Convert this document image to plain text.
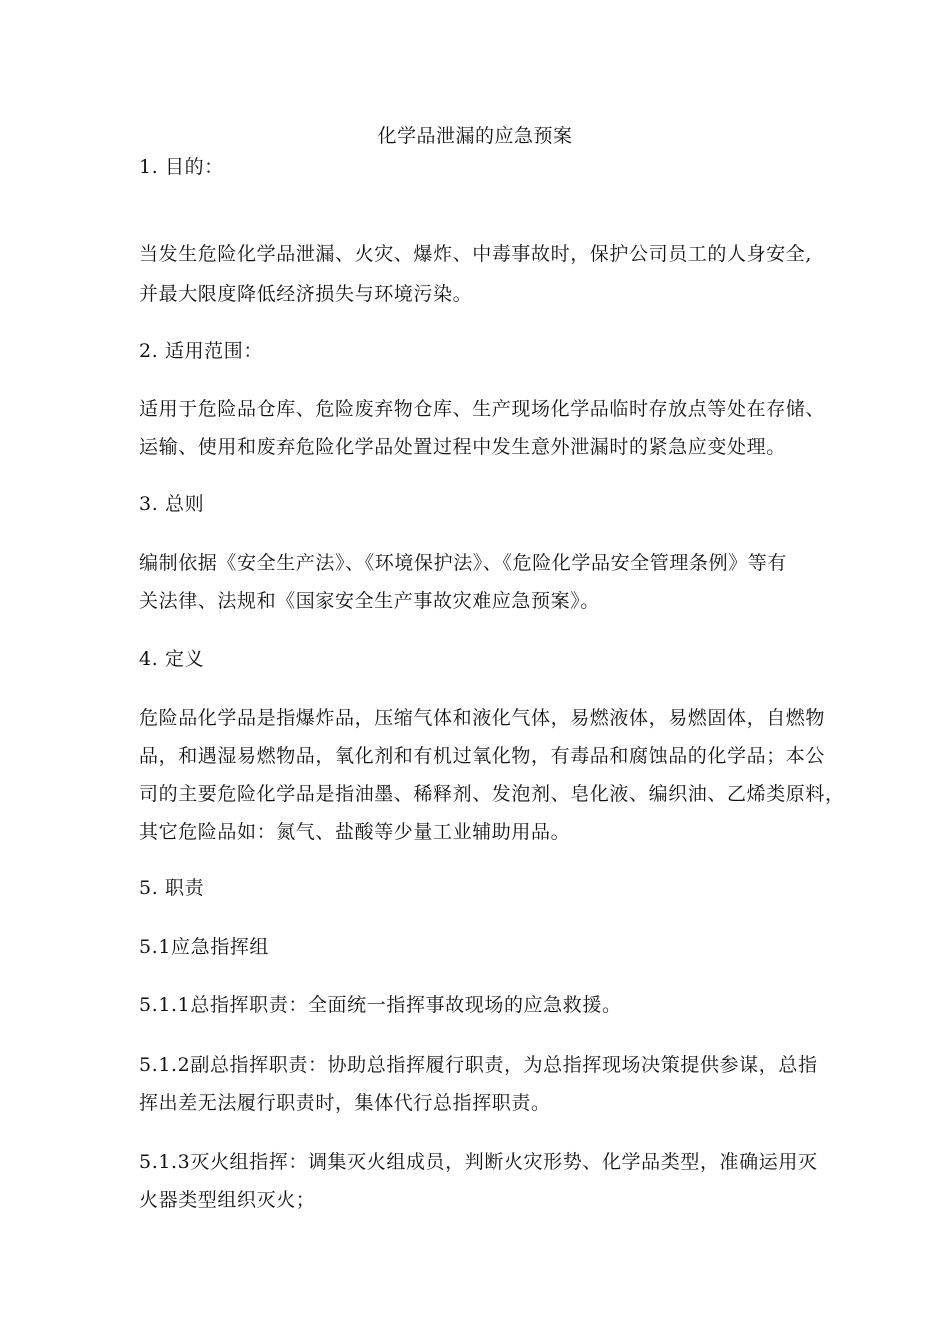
化学品泄漏的应急预案
1. 目的：
当发生危险化学品泄漏、火灾、爆炸、中毒事故时，保护公司员工的人身安全,
并最大限度降低经济损失与环境污染。
2. 适用范围：
适用于危险品仓库、危险废弃物仓库、生产现场化学品临时存放点等处在存储、
运输、使用和废弃危险化学品处置过程中发生意外泄漏时的紧急应变处理。
3. 总则
编制依据《安全生产法》、《环境保护法》、《危险化学品安全管理条例》等有
关法律、法规和《国家安全生产事故灾难应急预案》。
4. 定义
危险品化学品是指爆炸品，压缩气体和液化气体，易燃液体，易燃固体，自燃物
品，和遇湿易燃物品，氧化剂和有机过氧化物，有毒品和腐蚀品的化学品；本公
司的主要危险化学品是指油墨、稀释剂、发泡剂、皂化液、编织油、乙烯类原料，
其它危险品如：氮气、盐酸等少量工业辅助用品。
5. 职责
5.1应急指挥组
5.1.1总指挥职责：全面统一指挥事故现场的应急救援。
5.1.2副总指挥职责：协助总指挥履行职责，为总指挥现场决策提供参谋，总指
挥出差无法履行职责时，集体代行总指挥职责。
5.1.3灭火组指挥：调集灭火组成员，判断火灾形势、化学品类型，准确运用灭
火器类型组织灭火；
